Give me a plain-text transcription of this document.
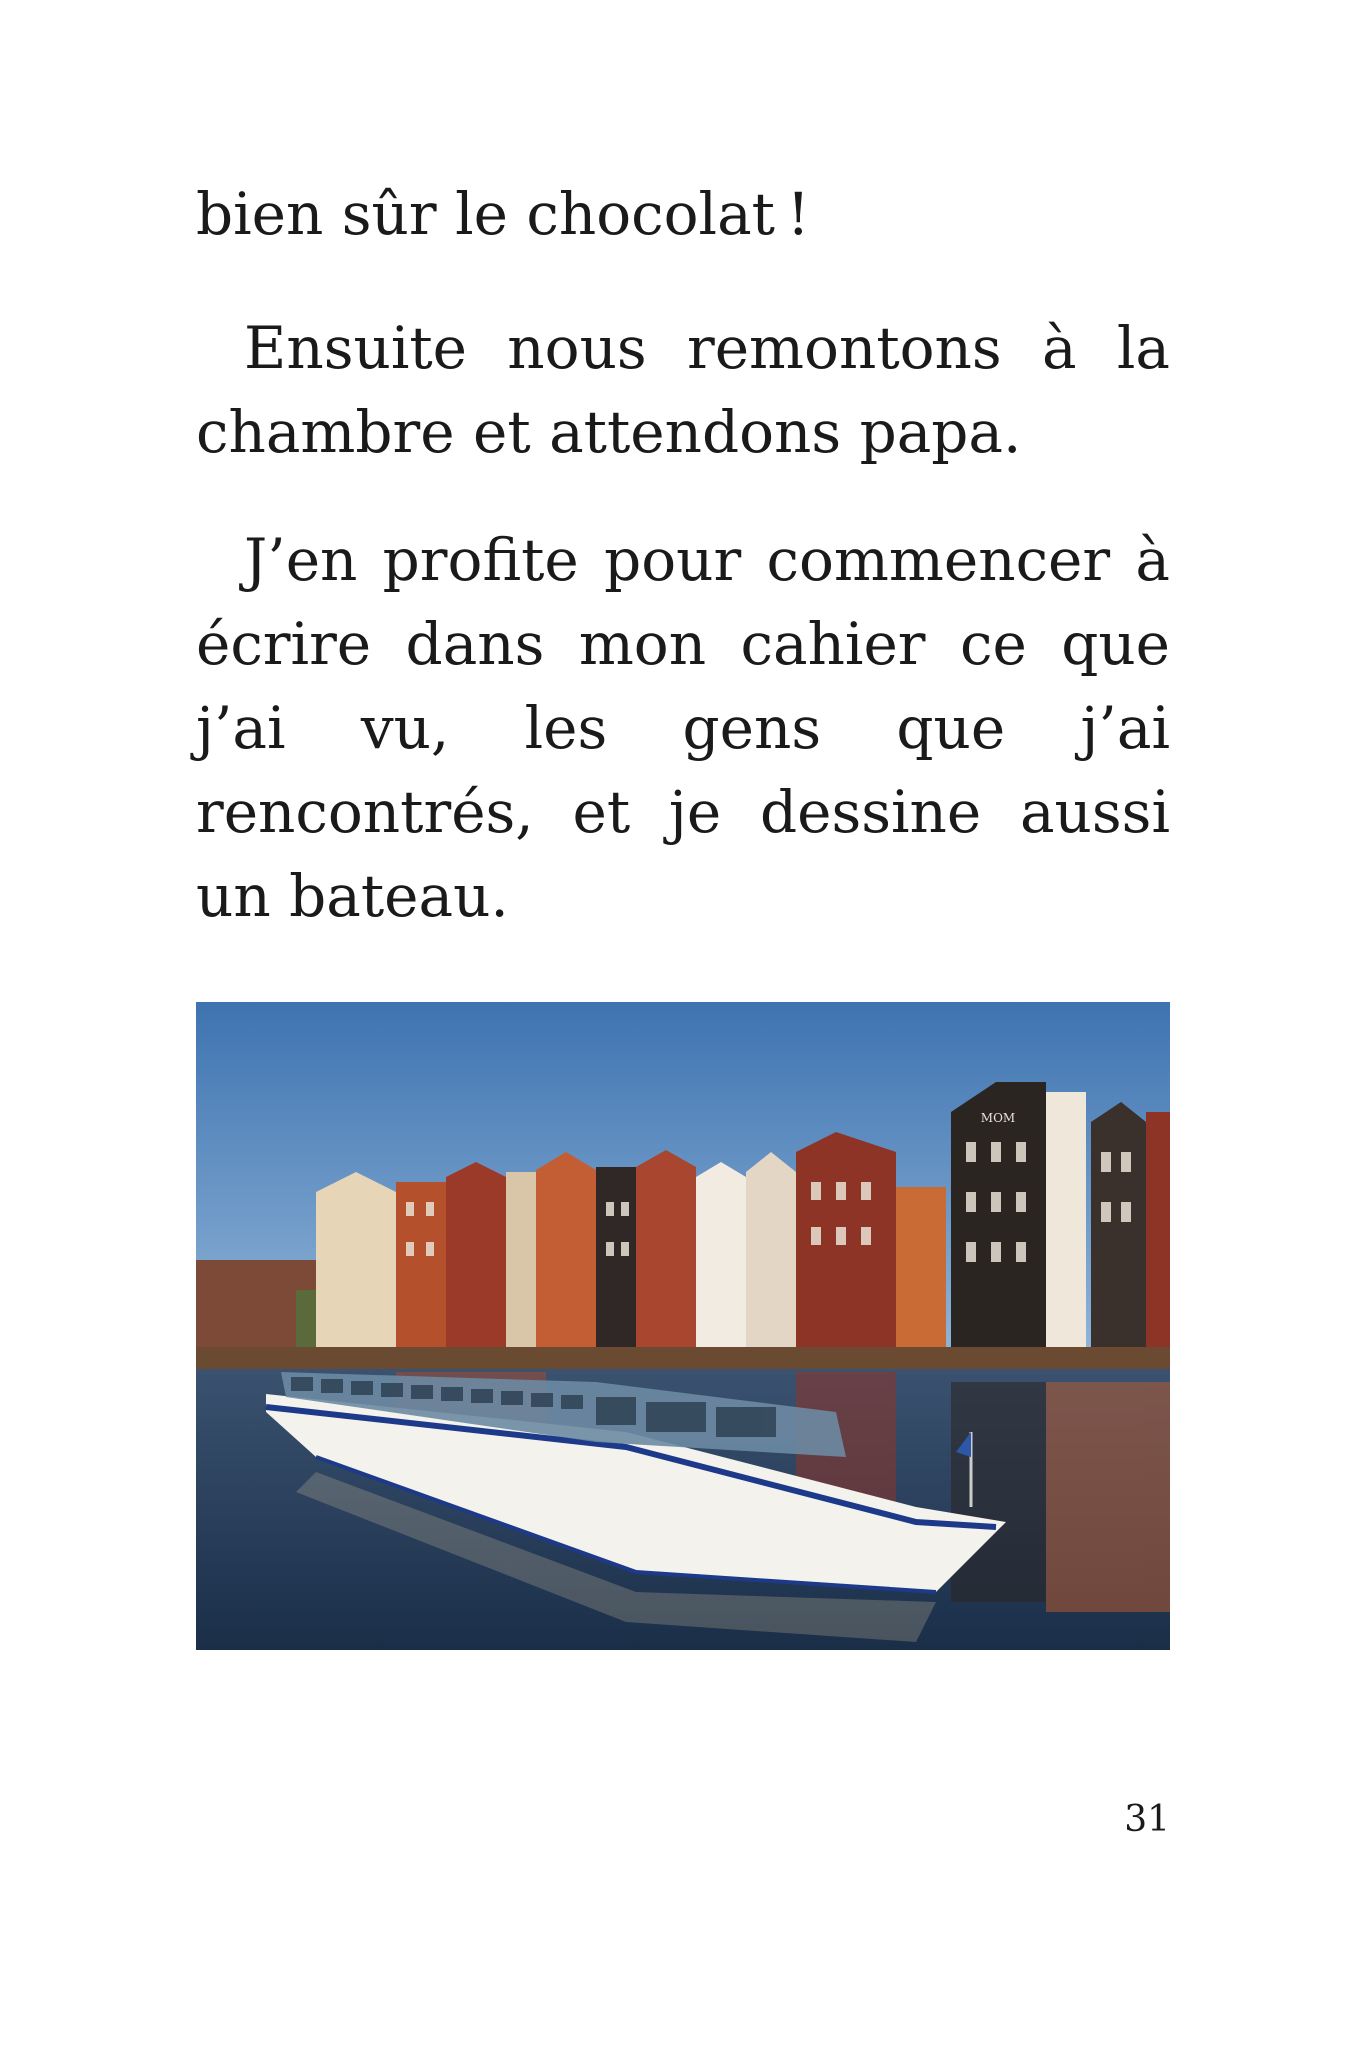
bien sûr le chocolat !

Ensuite nous remontons à la chambre et attendons papa.

J’en profite pour commencer à écrire dans mon cahier ce que j’ai vu, les gens que j’ai rencontrés, et je dessine aussi un bateau.

MOM
31
